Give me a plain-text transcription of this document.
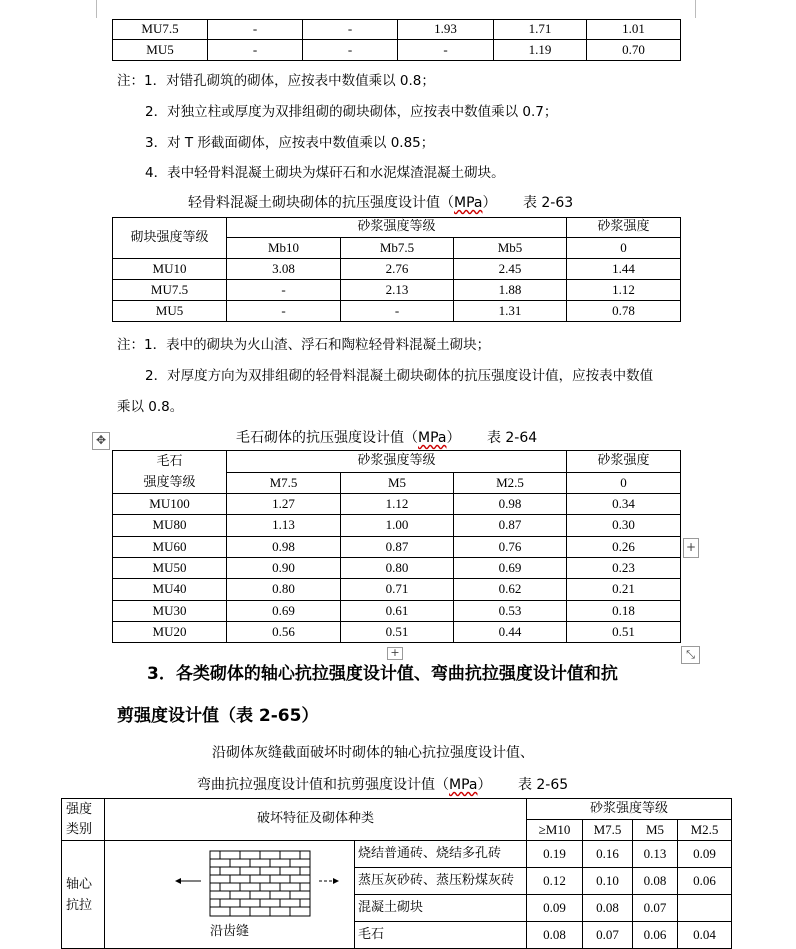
MU7.5	-	-	1.93	1.71	1.01
MU5	-	-	-	1.19	0.70
注：1．对错孔砌筑的砌体，应按表中数值乘以 0.8；
2．对独立柱或厚度为双排组砌的砌块砌体，应按表中数值乘以 0.7；
3．对 T 形截面砌体，应按表中数值乘以 0.85；
4．表中轻骨料混凝土砌块为煤矸石和水泥煤渣混凝土砌块。
轻骨料混凝土砌块砌体的抗压强度设计值（MPa） 表 2-63
砌块强度等级	砂浆强度等级			砂浆强度
	Mb10	Mb7.5	Mb5	0
MU10	3.08	2.76	2.45	1.44
MU7.5	-	2.13	1.88	1.12
MU5	-	-	1.31	0.78
注：1．表中的砌块为火山渣、浮石和陶粒轻骨料混凝土砌块；
2．对厚度方向为双排组砌的轻骨料混凝土砌块砌体的抗压强度设计值，应按表中数值
乘以 0.8。
✥	毛石砌体的抗压强度设计值（MPa） 表 2-64
毛石
强度等级	砂浆强度等级			砂浆强度
	M7.5	M5	M2.5	0
MU100	1.27	1.12	0.98	0.34
MU80	1.13	1.00	0.87	0.30
MU60	0.98	0.87	0.76	0.26
MU50	0.90	0.80	0.69	0.23
MU40	0.80	0.71	0.62	0.21
MU30	0.69	0.61	0.53	0.18
MU20	0.56	0.51	0.44	0.51
+
+	⤡
3．各类砌体的轴心抗拉强度设计值、弯曲抗拉强度设计值和抗
剪强度设计值（表 2-65）
沿砌体灰缝截面破坏时砌体的轴心抗拉强度设计值、
弯曲抗拉强度设计值和抗剪强度设计值（MPa） 表 2-65
强度
类别	破坏特征及砌体种类		砂浆强度等级			
			≥M10	M7.5	M5	M2.5

轴心
抗拉	沿齿缝	烧结普通砖、烧结多孔砖	0.19	0.16	0.13	0.09
		蒸压灰砂砖、蒸压粉煤灰砖	0.12	0.10	0.08	0.06
		混凝土砌块	0.09	0.08	0.07	
		毛石	0.08	0.07	0.06	0.04
